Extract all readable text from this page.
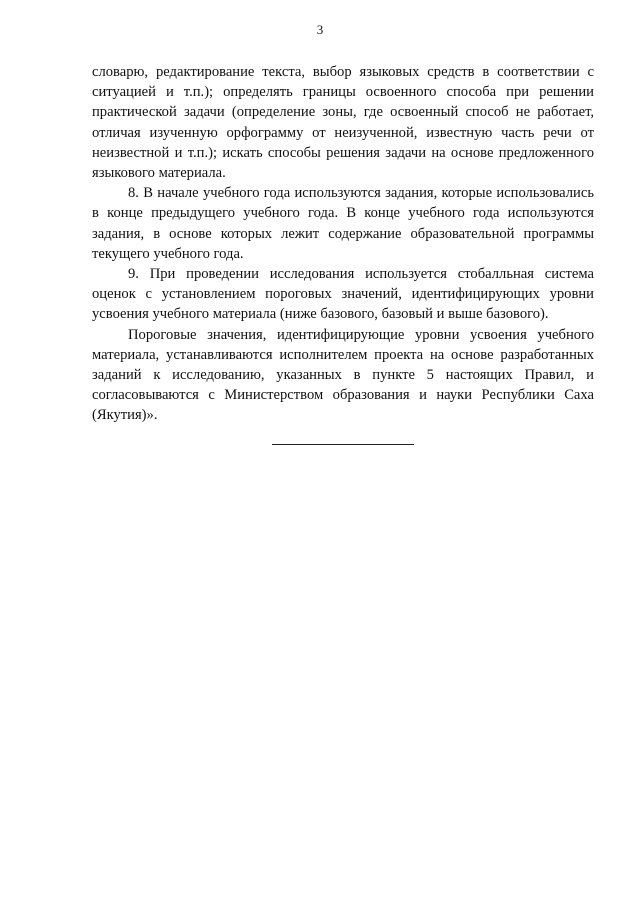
3

словарю, редактирование текста, выбор языковых средств в соответствии с ситуацией и т.п.); определять границы освоенного способа при решении практической задачи (определение зоны, где освоенный способ не работает, отличая изученную орфограмму от неизученной, известную часть речи от неизвестной и т.п.); искать способы решения задачи на основе предложенного языкового материала.

8. В начале учебного года используются задания, которые использовались в конце предыдущего учебного года. В конце учебного года используются задания, в основе которых лежит содержание образовательной программы текущего учебного года.

9. При проведении исследования используется стобалльная система оценок с установлением пороговых значений, идентифицирующих уровни усвоения учебного материала (ниже базового, базовый и выше базового).

Пороговые значения, идентифицирующие уровни усвоения учебного материала, устанавливаются исполнителем проекта на основе разработанных заданий к исследованию, указанных в пункте 5 настоящих Правил, и согласовываются с Министерством образования и науки Республики Саха (Якутия)».
